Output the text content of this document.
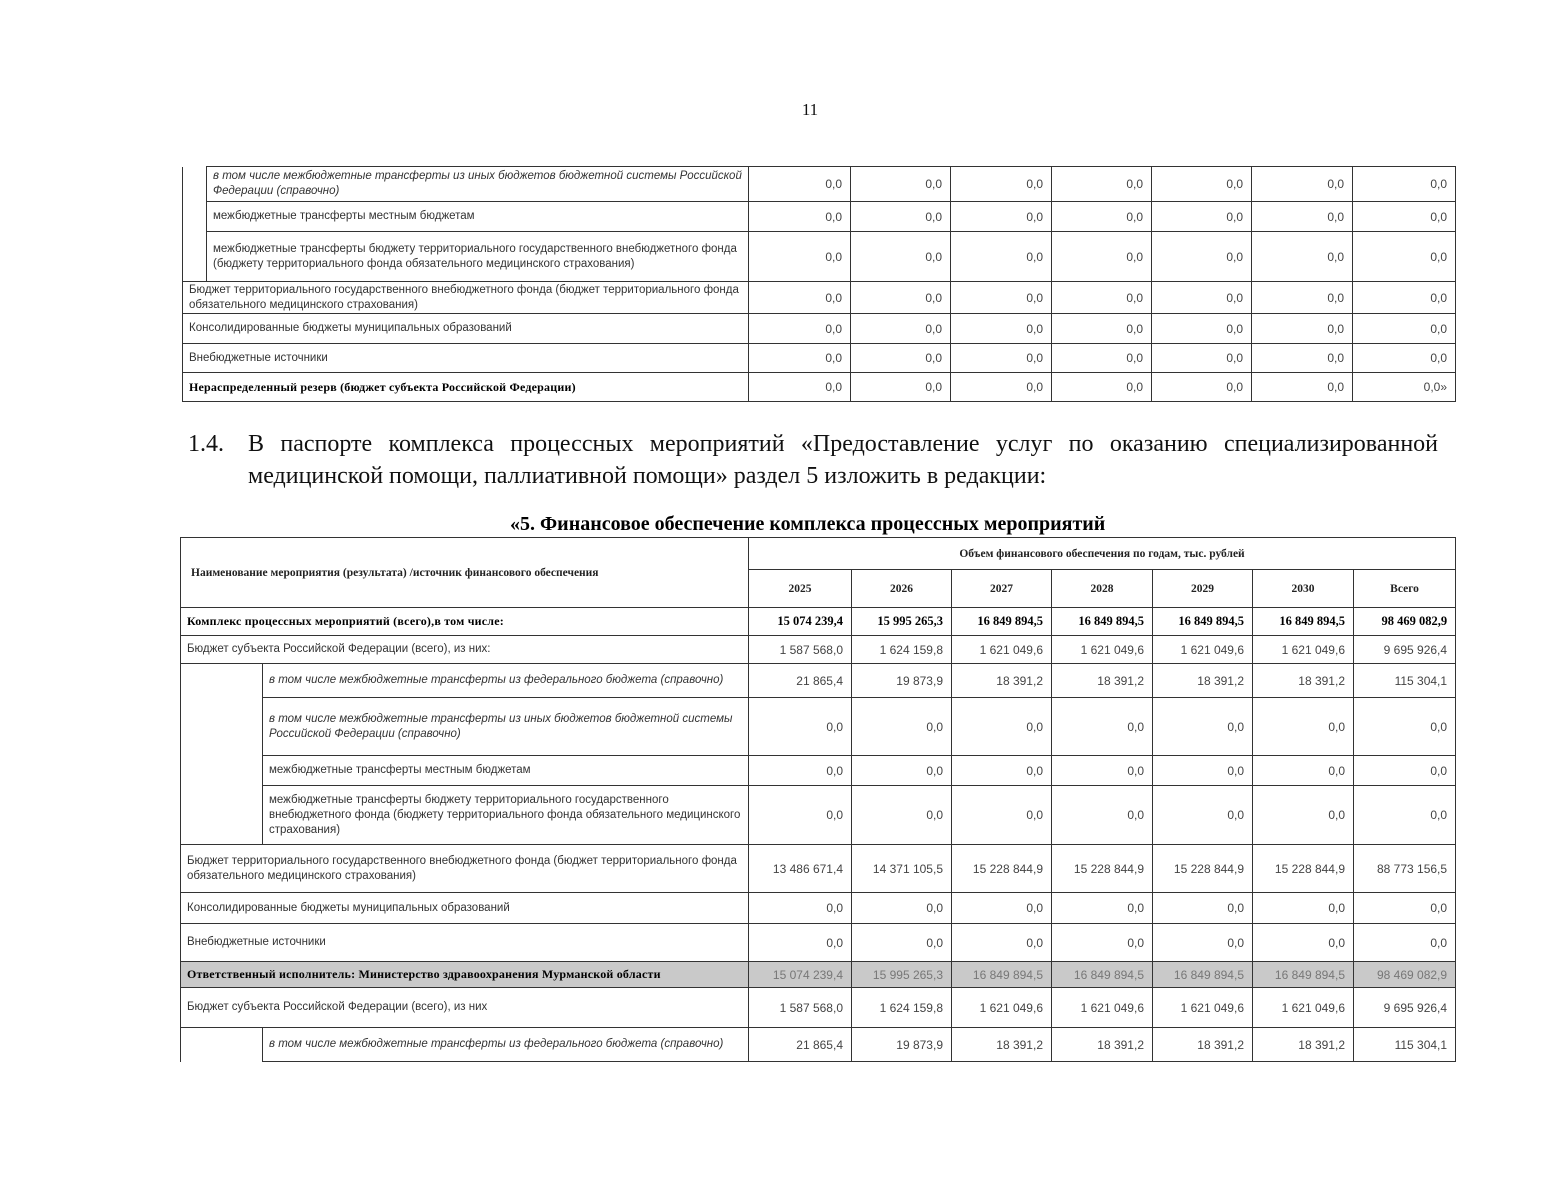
11
	в том числе межбюджетные трансферты из иных бюджетов бюджетной системы Российской Федерации (справочно)	0,0	0,0	0,0	0,0	0,0	0,0	0,0
	межбюджетные трансферты местным бюджетам	0,0	0,0	0,0	0,0	0,0	0,0	0,0
	межбюджетные трансферты бюджету территориального государственного внебюджетного фонда (бюджету территориального фонда обязательного медицинского страхования)	0,0	0,0	0,0	0,0	0,0	0,0	0,0
Бюджет территориального государственного внебюджетного фонда (бюджет территориального фонда обязательного медицинского страхования)		0,0	0,0	0,0	0,0	0,0	0,0	0,0
Консолидированные бюджеты муниципальных образований		0,0	0,0	0,0	0,0	0,0	0,0	0,0
Внебюджетные источники		0,0	0,0	0,0	0,0	0,0	0,0	0,0
Нераспределенный резерв (бюджет субъекта Российской Федерации)		0,0	0,0	0,0	0,0	0,0	0,0	0,0»
1.4. В паспорте комплекса процессных мероприятий «Предоставление услуг по оказанию специализированной медицинской помощи, паллиативной помощи» раздел 5 изложить в редакции:
«5. Финансовое обеспечение комплекса процессных мероприятий
Наименование мероприятия (результата) /источник финансового обеспечения		Объем финансового обеспечения по годам, тыс. рублей						
		2025	2026	2027	2028	2029	2030	Всего
Комплекс процессных мероприятий (всего),в том числе:		15 074 239,4	15 995 265,3	16 849 894,5	16 849 894,5	16 849 894,5	16 849 894,5	98 469 082,9
Бюджет субъекта Российской Федерации (всего), из них:		1 587 568,0	1 624 159,8	1 621 049,6	1 621 049,6	1 621 049,6	1 621 049,6	9 695 926,4
	в том числе межбюджетные трансферты из федерального бюджета (справочно)	21 865,4	19 873,9	18 391,2	18 391,2	18 391,2	18 391,2	115 304,1
	в том числе межбюджетные трансферты из иных бюджетов бюджетной системы Российской Федерации (справочно)	0,0	0,0	0,0	0,0	0,0	0,0	0,0
	межбюджетные трансферты местным бюджетам	0,0	0,0	0,0	0,0	0,0	0,0	0,0
	межбюджетные трансферты бюджету территориального государственного внебюджетного фонда (бюджету территориального фонда обязательного медицинского страхования)	0,0	0,0	0,0	0,0	0,0	0,0	0,0
Бюджет территориального государственного внебюджетного фонда (бюджет территориального фонда обязательного медицинского страхования)		13 486 671,4	14 371 105,5	15 228 844,9	15 228 844,9	15 228 844,9	15 228 844,9	88 773 156,5
Консолидированные бюджеты муниципальных образований		0,0	0,0	0,0	0,0	0,0	0,0	0,0
Внебюджетные источники		0,0	0,0	0,0	0,0	0,0	0,0	0,0
Ответственный исполнитель: Министерство здравоохранения Мурманской области		15 074 239,4	15 995 265,3	16 849 894,5	16 849 894,5	16 849 894,5	16 849 894,5	98 469 082,9
Бюджет субъекта Российской Федерации (всего), из них		1 587 568,0	1 624 159,8	1 621 049,6	1 621 049,6	1 621 049,6	1 621 049,6	9 695 926,4
	в том числе межбюджетные трансферты из федерального бюджета (справочно)	21 865,4	19 873,9	18 391,2	18 391,2	18 391,2	18 391,2	115 304,1
